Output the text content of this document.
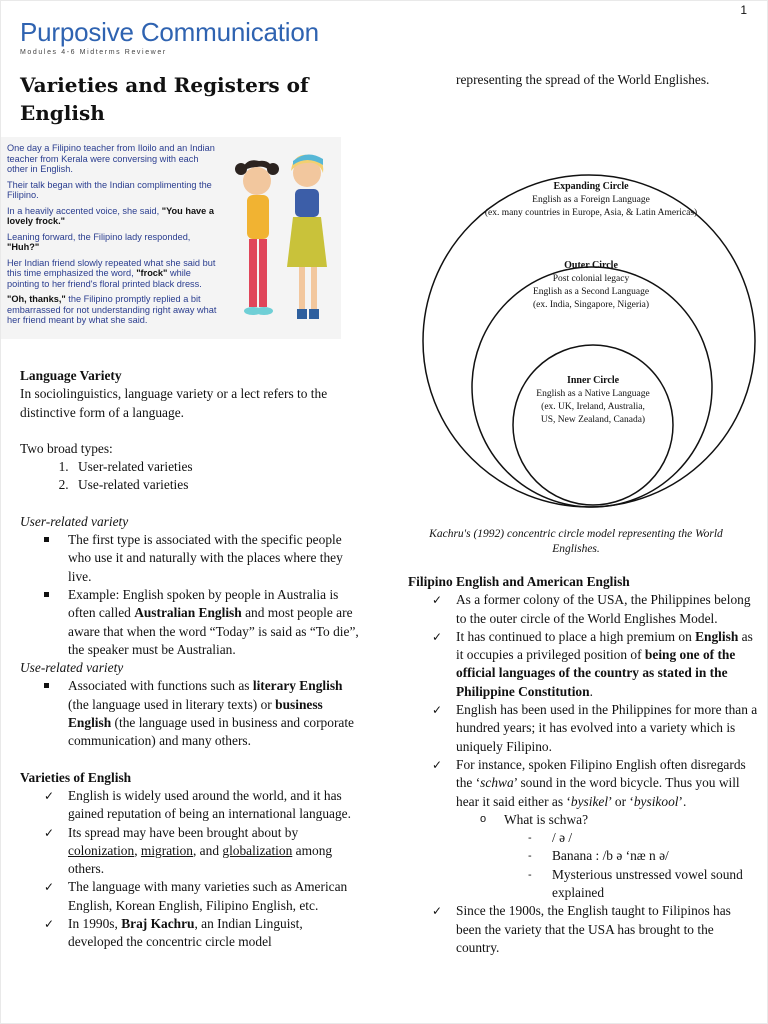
1
Purposive Communication
Modules 4-6 Midterms Reviewer
Varieties and Registers of English

One day a Filipino teacher from Iloilo and an Indian teacher from Kerala were conversing with each other in English.

Their talk began with the Indian complimenting the Filipino.

In a heavily accented voice, she said, "You have a lovely frock."

Leaning forward, the Filipino lady responded, "Huh?"

Her Indian friend slowly repeated what she said but this time emphasized the word, "frock" while pointing to her friend's floral printed black dress.

"Oh, thanks," the Filipino promptly replied a bit embarrassed for not understanding right away what her friend meant by what she said.

Language Variety

In sociolinguistics, language variety or a lect refers to the distinctive form of a language.

Two broad types:

1. User-related varieties
2. Use-related varieties

User-related variety

The first type is associated with the specific people who use it and naturally with the places where they live.
Example: English spoken by people in Australia is often called Australian English and most people are aware that when the word “Today” is said as “To die”, the speaker must be Australian.

Use-related variety

Associated with functions such as literary English (the language used in literary texts) or business English (the language used in business and corporate communication) and many others.

Varieties of English

✓ English is widely used around the world, and it has gained reputation of being an international language.
✓ Its spread may have been brought about by colonization, migration, and globalization among others.
✓ The language with many varieties such as American English, Korean English, Filipino English, etc.
✓ In 1990s, Braj Kachru, an Indian Linguist, developed the concentric circle model
representing the spread of the World Englishes.
Expanding Circle
English as a Foreign Language
(ex. many countries in Europe, Asia, & Latin Americas)
Outer Circle
Post colonial legacy
English as a Second Language
(ex. India, Singapore, Nigeria)
Inner Circle
English as a Native Language
(ex. UK, Ireland, Australia,
US, New Zealand, Canada)
Kachru's (1992) concentric circle model representing the World Englishes.

Filipino English and American English

✓ As a former colony of the USA, the Philippines belong to the outer circle of the World Englishes Model.
✓ It has continued to place a high premium on English as it occupies a privileged position of being one of the official languages of the country as stated in the Philippine Constitution.
✓ English has been used in the Philippines for more than a hundred years; it has evolved into a variety which is uniquely Filipino.
✓ For instance, spoken Filipino English often disregards the ‘schwa’ sound in the word bicycle. Thus you will hear it said either as ‘bysikel’ or ‘bysikool’.
o What is schwa?
- / ə /
- Banana : /b ə ‘næ n ə/
- Mysterious unstressed vowel sound explained
✓ Since the 1900s, the English taught to Filipinos has been the variety that the USA has brought to the country.
